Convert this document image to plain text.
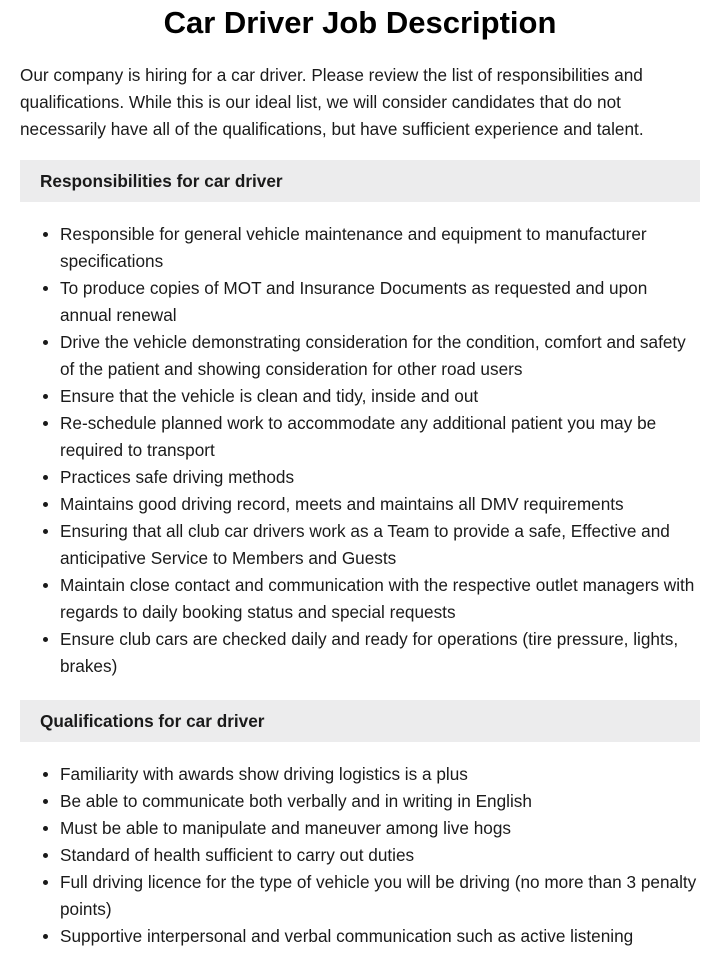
Car Driver Job Description

Our company is hiring for a car driver. Please review the list of responsibilities and qualifications. While this is our ideal list, we will consider candidates that do not necessarily have all of the qualifications, but have sufficient experience and talent.

Responsibilities for car driver
Responsible for general vehicle maintenance and equipment to manufacturer specifications
To produce copies of MOT and Insurance Documents as requested and upon annual renewal
Drive the vehicle demonstrating consideration for the condition, comfort and safety of the patient and showing consideration for other road users
Ensure that the vehicle is clean and tidy, inside and out
Re-schedule planned work to accommodate any additional patient you may be required to transport
Practices safe driving methods
Maintains good driving record, meets and maintains all DMV requirements
Ensuring that all club car drivers work as a Team to provide a safe, Effective and anticipative Service to Members and Guests
Maintain close contact and communication with the respective outlet managers with regards to daily booking status and special requests
Ensure club cars are checked daily and ready for operations (tire pressure, lights, brakes)
Qualifications for car driver
Familiarity with awards show driving logistics is a plus
Be able to communicate both verbally and in writing in English
Must be able to manipulate and maneuver among live hogs
Standard of health sufficient to carry out duties
Full driving licence for the type of vehicle you will be driving (no more than 3 penalty points)
Supportive interpersonal and verbal communication such as active listening
